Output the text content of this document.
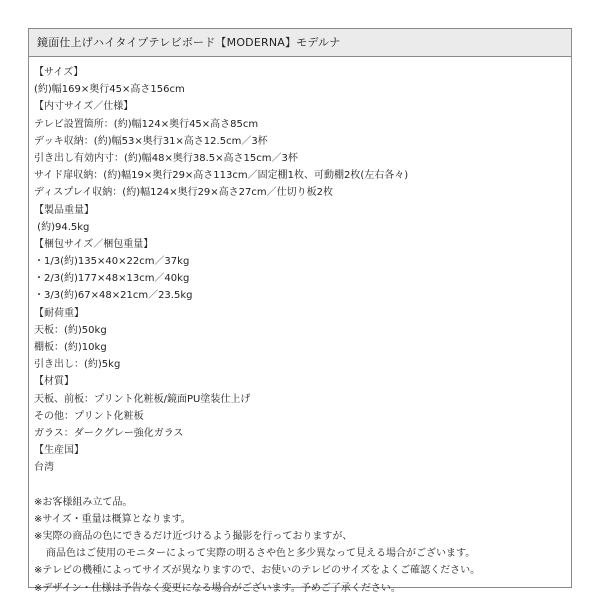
鏡面仕上げハイタイプテレビボード【MODERNA】モデルナ
【サイズ】
(約)幅169×奥行45×高さ156cm
【内寸サイズ／仕様】
テレビ設置箇所：(約)幅124×奥行45×高さ85cm
デッキ収納：(約)幅53×奥行31×高さ12.5cm／3杯
引き出し有効内寸：(約)幅48×奥行38.5×高さ15cm／3杯
サイド扉収納：(約)幅19×奥行29×高さ113cm／固定棚1枚、可動棚2枚(左右各々)
ディスプレイ収納：(約)幅124×奥行29×高さ27cm／仕切り板2枚
【製品重量】
(約)94.5kg
【梱包サイズ／梱包重量】
・1/3(約)135×40×22cm／37kg
・2/3(約)177×48×13cm／40kg
・3/3(約)67×48×21cm／23.5kg
【耐荷重】
天板：(約)50kg
棚板：(約)10kg
引き出し：(約)5kg
【材質】
天板、前板：プリント化粧板/鏡面PU塗装仕上げ
その他：プリント化粧板
ガラス：ダークグレー強化ガラス
【生産国】
台湾
※お客様組み立て品。
※サイズ・重量は概算となります。
※実際の商品の色にできるだけ近づけるよう撮影を行っておりますが、
商品色はご使用のモニターによって実際の明るさや色と多少異なって見える場合がございます。
※テレビの機種によってサイズが異なりますので、お使いのテレビのサイズをよくご確認ください。
※デザイン・仕様は予告なく変更になる場合がございます。予めご了承ください。
